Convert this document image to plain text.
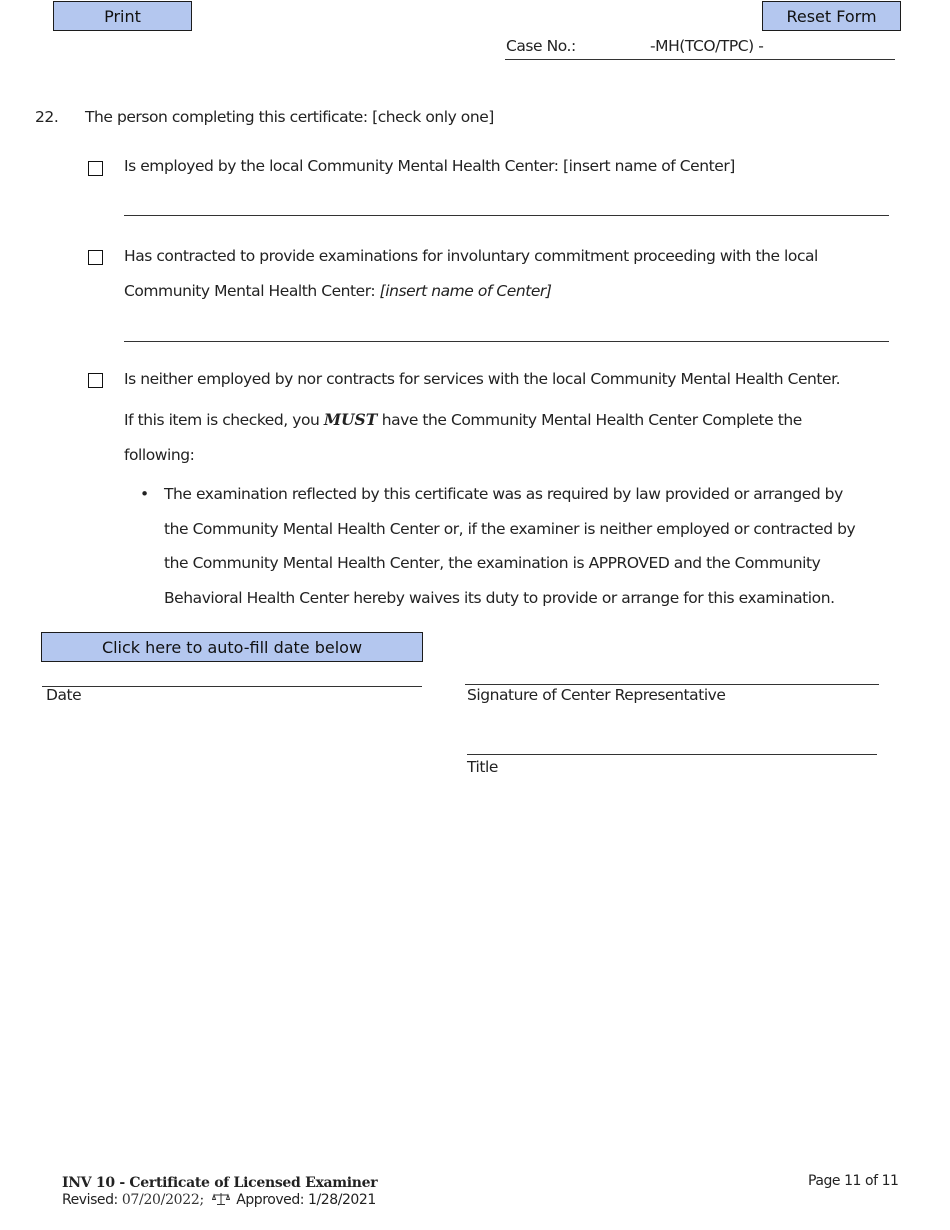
Print	Reset Form
Case No.:	-MH(TCO/TPC) -
22. The person completing this certificate: [check only one]
Is employed by the local Community Mental Health Center: [insert name of Center]
Has contracted to provide examinations for involuntary commitment proceeding with the local
Community Mental Health Center: [insert name of Center]
Is neither employed by nor contracts for services with the local Community Mental Health Center.
If this item is checked, you MUST have the Community Mental Health Center Complete the
following:
• The examination reflected by this certificate was as required by law provided or arranged by
the Community Mental Health Center or, if the examiner is neither employed or contracted by
the Community Mental Health Center, the examination is APPROVED and the Community
Behavioral Health Center hereby waives its duty to provide or arrange for this examination.
Click here to auto-fill date below
Date	Signature of Center Representative
Title
INV 10 - Certificate of Licensed Examiner
Revised: 07/20/2022; Approved: 1/28/2021
Page 11 of 11
